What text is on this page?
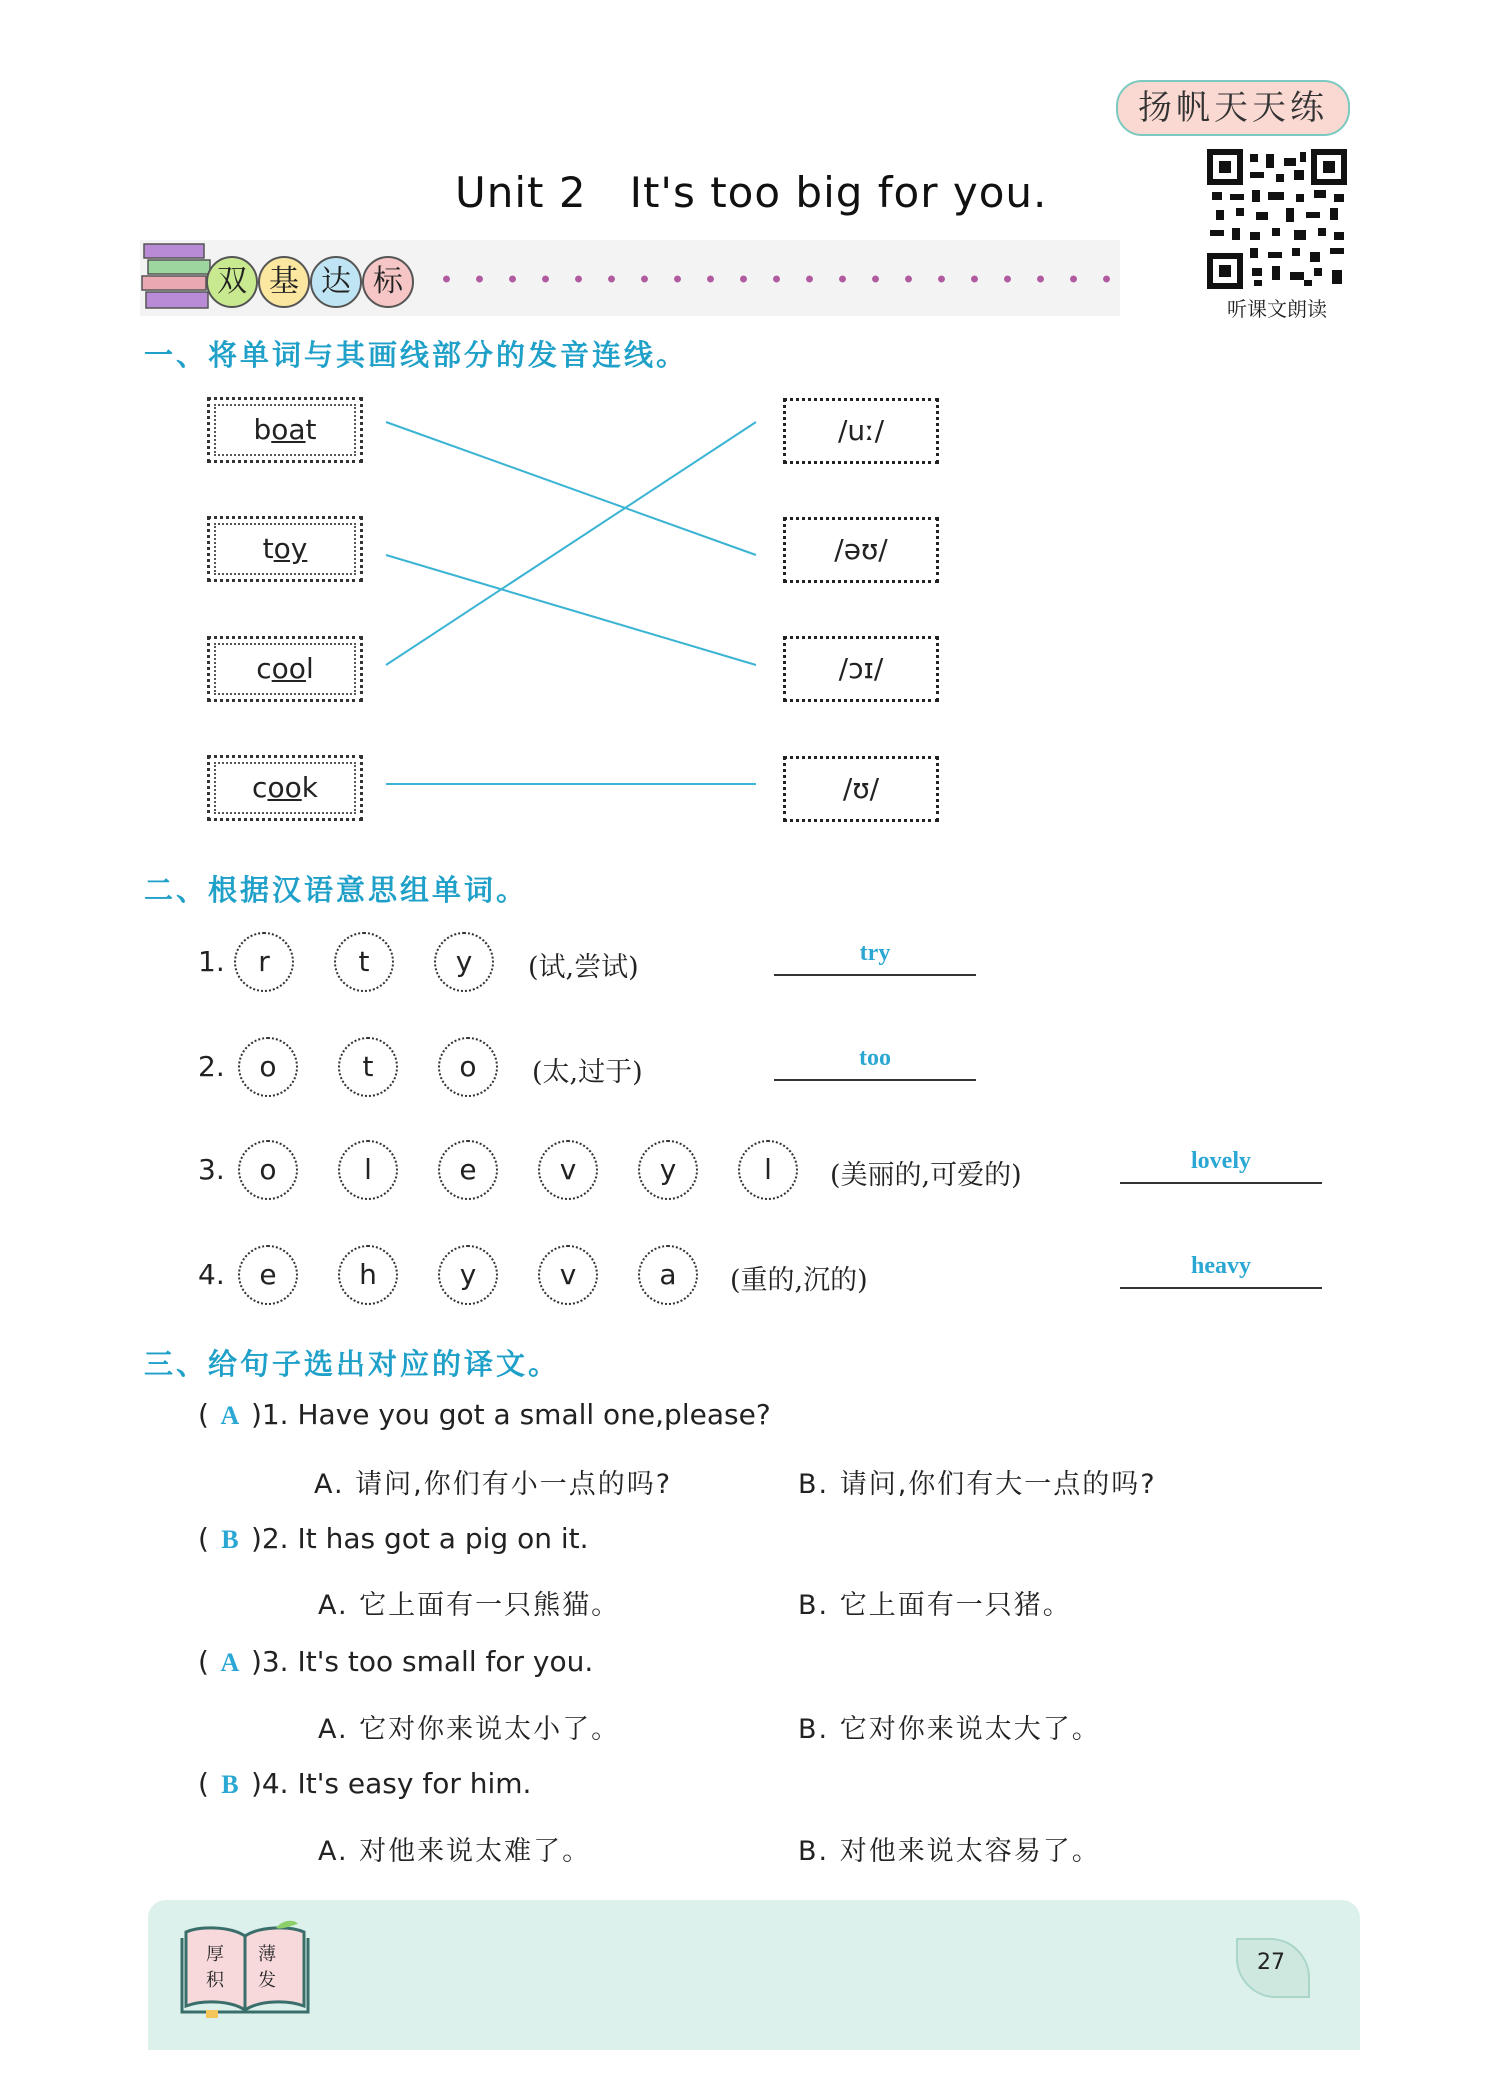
扬帆天天练
Unit 2　It's too big for you.
听课文朗读
双 基 达 标
一、将单词与其画线部分的发音连线。
boat
toy
cool
cook
/uː/
/əʊ/
/ɔɪ/
/ʊ/
二、根据汉语意思组单词。
1.	r	t	y	(试,尝试)	try
2.	o	t	o	(太,过于)	too
3.	o	l	e	v	y	l	(美丽的,可爱的)	lovely
4.	e	h	y	v	a	(重的,沉的)	heavy
三、给句子选出对应的译文。
( A )1. Have you got a small one,please?
A. 请问,你们有小一点的吗?	B. 请问,你们有大一点的吗?
( B )2. It has got a pig on it.
A. 它上面有一只熊猫。	B. 它上面有一只猪。
( A )3. It's too small for you.
A. 它对你来说太小了。	B. 它对你来说太大了。
( B )4. It's easy for him.
A. 对他来说太难了。	B. 对他来说太容易了。
厚 薄
积 发
27
